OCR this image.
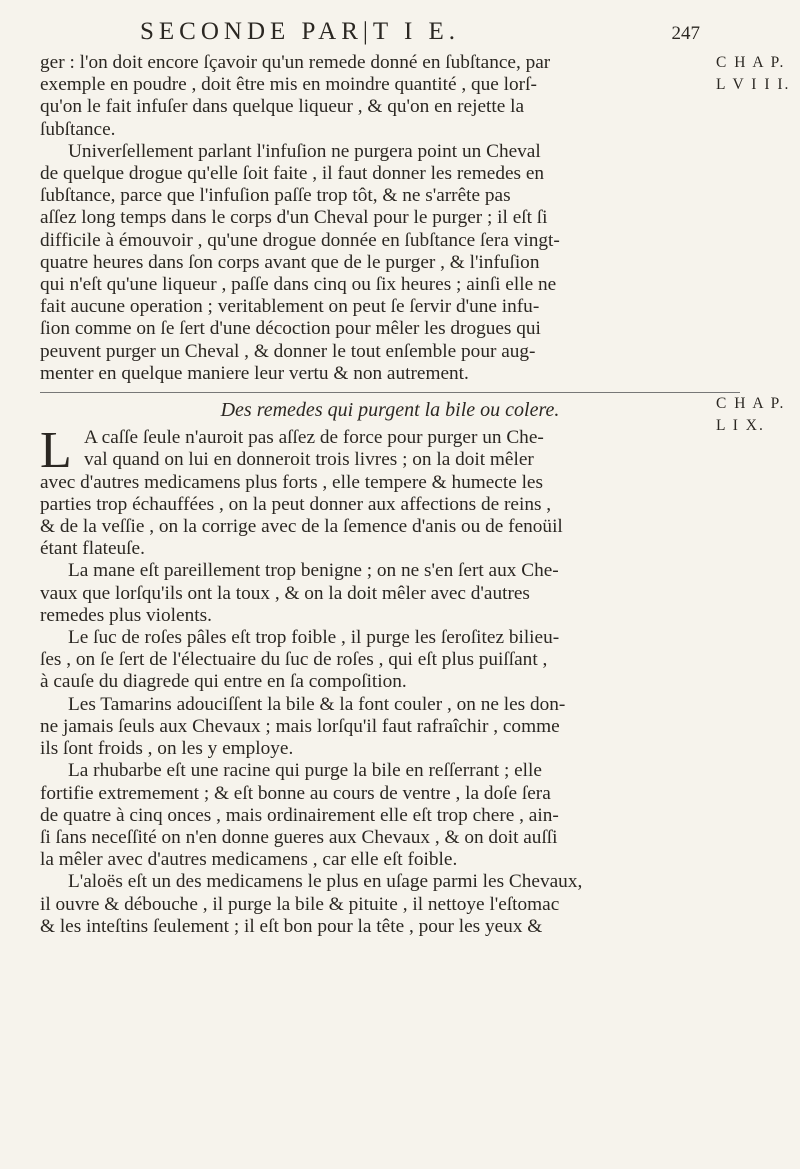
SECONDE PAR|T I E.	247
C H A P.
L V I I I.
C H A P.
L I X.
ger : l'on doit encore ſçavoir qu'un remede donné en ſubſtance, par
exemple en poudre , doit être mis en moindre quantité , que lorſ-
qu'on le fait infuſer dans quelque liqueur , & qu'on en rejette la
ſubſtance.
Univerſellement parlant l'infuſion ne purgera point un Cheval
de quelque drogue qu'elle ſoit faite , il faut donner les remedes en
ſubſtance, parce que l'infuſion paſſe trop tôt, & ne s'arrête pas
aſſez long temps dans le corps d'un Cheval pour le purger ; il eſt ſi
difficile à émouvoir , qu'une drogue donnée en ſubſtance ſera vingt-
quatre heures dans ſon corps avant que de le purger , & l'infuſion
qui n'eſt qu'une liqueur , paſſe dans cinq ou ſix heures ; ainſi elle ne
fait aucune operation ; veritablement on peut ſe ſervir d'une infu-
ſion comme on ſe ſert d'une décoction pour mêler les drogues qui
peuvent purger un Cheval , & donner le tout enſemble pour aug-
menter en quelque maniere leur vertu & non autrement.
Des remedes qui purgent la bile ou colere.
L A caſſe ſeule n'auroit pas aſſez de force pour purger un Che-
val quand on lui en donneroit trois livres ; on la doit mêler
avec d'autres medicamens plus forts , elle tempere & humecte les
parties trop échauffées , on la peut donner aux affections de reins ,
& de la veſſie , on la corrige avec de la ſemence d'anis ou de fenoüil
étant flateuſe.
La mane eſt pareillement trop benigne ; on ne s'en ſert aux Che-
vaux que lorſqu'ils ont la toux , & on la doit mêler avec d'autres
remedes plus violents.
Le ſuc de roſes pâles eſt trop foible , il purge les ſeroſitez bilieu-
ſes , on ſe ſert de l'électuaire du ſuc de roſes , qui eſt plus puiſſant ,
à cauſe du diagrede qui entre en ſa compoſition.
Les Tamarins adouciſſent la bile & la font couler , on ne les don-
ne jamais ſeuls aux Chevaux ; mais lorſqu'il faut rafraîchir , comme
ils ſont froids , on les y employe.
La rhubarbe eſt une racine qui purge la bile en reſſerrant ; elle
fortifie extremement ; & eſt bonne au cours de ventre , la doſe ſera
de quatre à cinq onces , mais ordinairement elle eſt trop chere , ain-
ſi ſans neceſſité on n'en donne gueres aux Chevaux , & on doit auſſi
la mêler avec d'autres medicamens , car elle eſt foible.
L'aloës eſt un des medicamens le plus en uſage parmi les Chevaux,
il ouvre & débouche , il purge la bile & pituite , il nettoye l'eſtomac
& les inteſtins ſeulement ; il eſt bon pour la tête , pour les yeux &
